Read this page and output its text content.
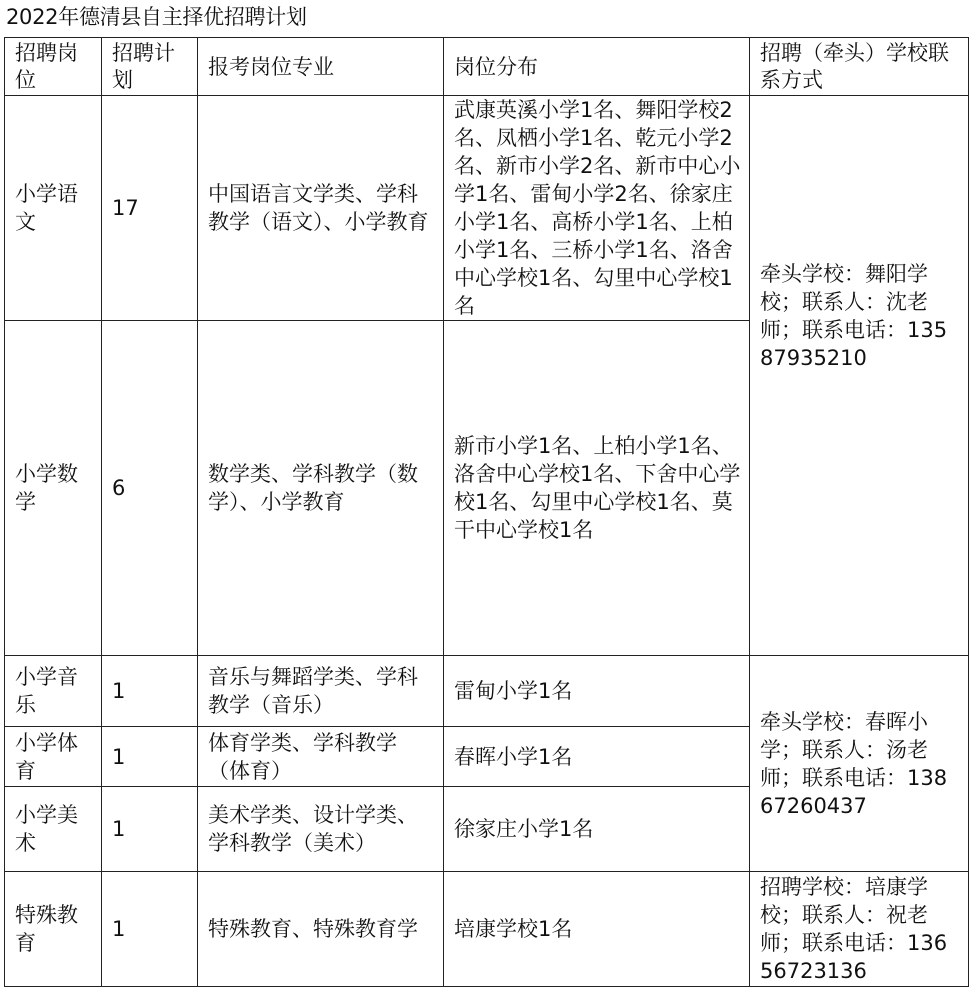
2022年德清县自主择优招聘计划
招聘岗位	招聘计划	报考岗位专业	岗位分布	招聘（牵头）学校联系方式
小学语文	17	中国语言文学类、学科教学（语文）、小学教育	武康英溪小学1名、舞阳学校2名、凤栖小学1名、乾元小学2名、新市小学2名、新市中心小学1名、雷甸小学2名、徐家庄小学1名、高桥小学1名、上柏小学1名、三桥小学1名、洛舍中心学校1名、勾里中心学校1名	牵头学校：舞阳学校；联系人：沈老师；联系电话：13587935210
小学数学	6	数学类、学科教学（数学）、小学教育	新市小学1名、上柏小学1名、洛舍中心学校1名、下舍中心学校1名、勾里中心学校1名、莫干中心学校1名	
小学音乐	1	音乐与舞蹈学类、学科教学（音乐）	雷甸小学1名	牵头学校：春晖小学；联系人：汤老师；联系电话：13867260437
小学体育	1	体育学类、学科教学（体育）	春晖小学1名	
小学美术	1	美术学类、设计学类、学科教学（美术）	徐家庄小学1名	
特殊教育	1	特殊教育、特殊教育学	培康学校1名	招聘学校：培康学校；联系人：祝老师；联系电话：13656723136
